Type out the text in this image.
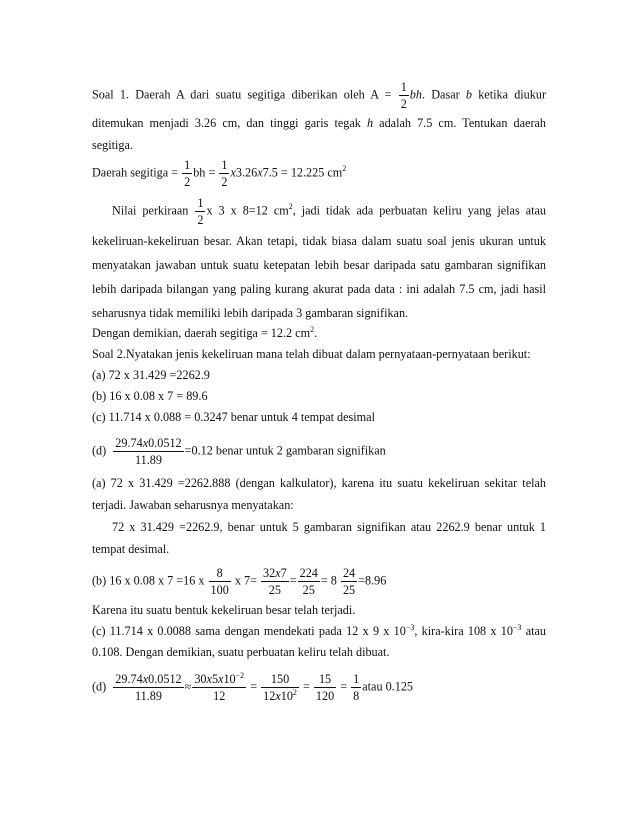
Soal 1. Daerah A dari suatu segitiga diberikan oleh $A = \frac{1}{2}$ bh. Dasar b ketika diukur
ditemukan menjadi 3.26 cm, dan tinggi garis tegak h adalah 7.5 cm. Tentukan daerah
segitiga.
Daerah segitiga = $\frac{1}{2}$ bh = $\frac{1}{2} x3.26x7.5 = 12.225$ $cm^2$
Nilai perkiraan $\frac{1}{2}$ x 3 x 8=12 $cm^2$, jadi tidak ada perbuatan keliru yang jelas atau
kekeliruan-kekeliruan besar. Akan tetapi, tidak biasa dalam suatu soal jenis ukuran untuk
menyatakan jawaban untuk suatu ketepatan lebih besar daripada satu gambaran signifikan
lebih daripada bilangan yang paling kurang akurat pada data : ini adalah 7.5 cm, jadi hasil
seharusnya tidak memiliki lebih daripada 3 gambaran signifikan.
Dengan demikian, daerah segitiga = 12.2 $cm^2$.
Soal 2.Nyatakan jenis kekeliruan mana telah dibuat dalam pernyataan-pernyataan berikut:
(a) 72 x 31.429 =2262.9
(b) 16 x 0.08 x 7 = 89.6
(c) 11.714 x 0.088 = 0.3247 benar untuk 4 tempat desimal
$(d) \frac{29.74x0.0512}{11.89} =0.12$ benar untuk 2 gambaran signifikan
(a) 72 x 31.429 =2262.888 (dengan kalkulator), karena itu suatu kekeliruan sekitar telah
terjadi. Jawaban seharusnya menyatakan:
72 x 31.429 =2262.9, benar untuk 5 gambaran signifikan atau 2262.9 benar untuk 1
tempat desimal.
(b) 16 x 0.08 x 7 =16 x $\frac{8}{100}$ x $7= \frac{32x7}{25} = \frac{224}{25} = 8 \frac{24}{25} =8.96$
Karena itu suatu bentuk kekeliruan besar telah terjadi.
(c) 11.714 x 0.0088 sama dengan mendekati pada 12 x 9 x $10^{-3}$, kira-kira 108 x $10^{-3}$ atau
0.108. Dengan demikian, suatu perbuatan keliru telah dibuat.
$(d) \frac{29.74x0.0512}{11.89} \approx \frac{30x5x10^{-2}}{12} = \frac{150}{12x10^2} = \frac{15}{120} = \frac{1}{8}$ atau 0.125
